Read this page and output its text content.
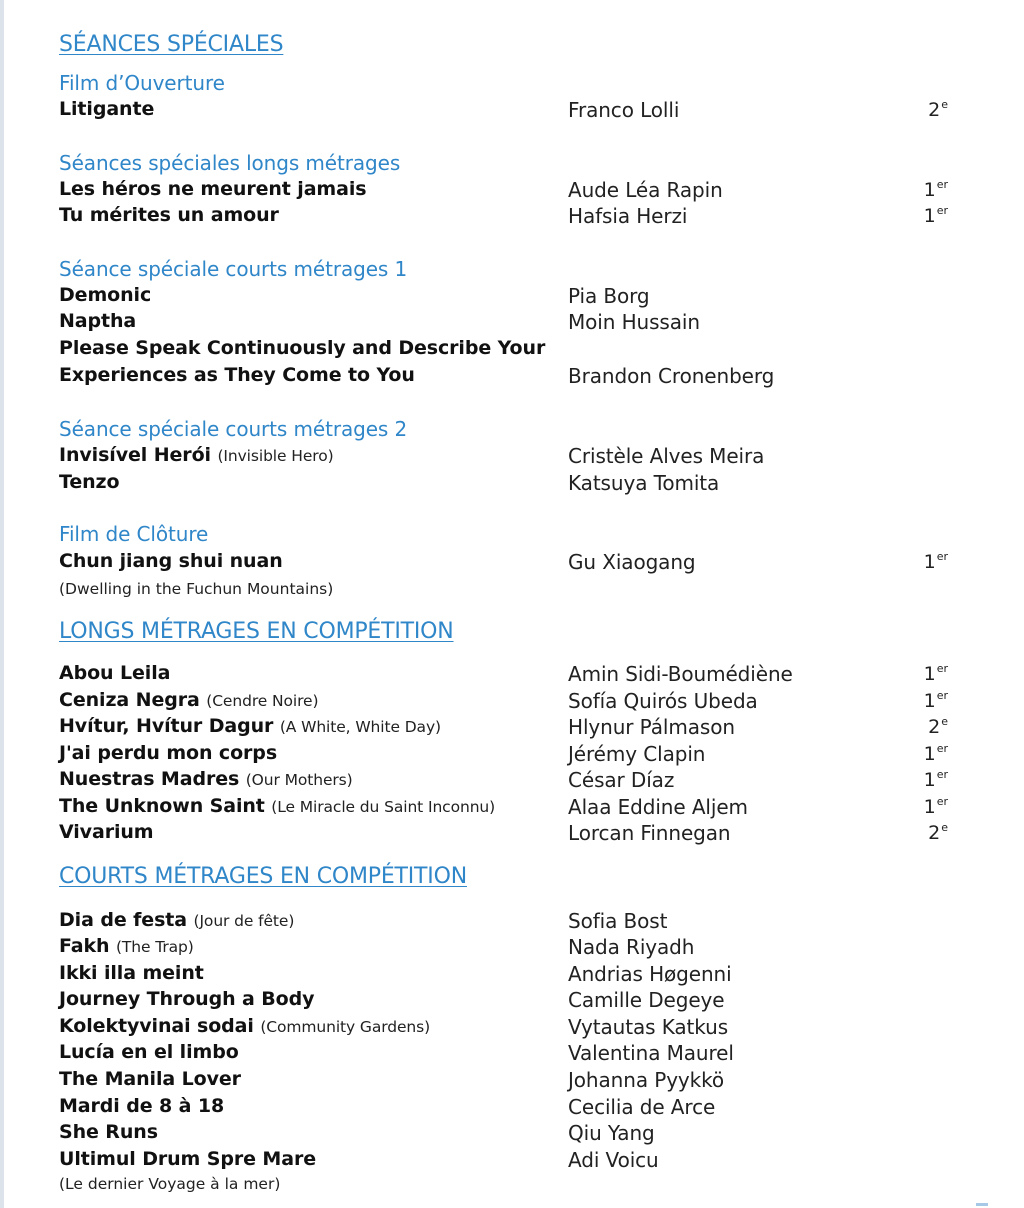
SÉANCES SPÉCIALES
Film d’Ouverture
Litigante	Franco Lolli	2e
Séances spéciales longs métrages
Les héros ne meurent jamais	Aude Léa Rapin	1er
Tu mérites un amour	Hafsia Herzi	1er
Séance spéciale courts métrages 1
Demonic	Pia Borg
Naptha	Moin Hussain
Please Speak Continuously and Describe Your
Experiences as They Come to You	Brandon Cronenberg
Séance spéciale courts métrages 2
Invisível Herói (Invisible Hero)	Cristèle Alves Meira
Tenzo	Katsuya Tomita
Film de Clôture
Chun jiang shui nuan	Gu Xiaogang	1er
(Dwelling in the Fuchun Mountains)
LONGS MÉTRAGES EN COMPÉTITION
Abou Leila	Amin Sidi-Boumédiène	1er
Ceniza Negra (Cendre Noire)	Sofía Quirós Ubeda	1er
Hvítur, Hvítur Dagur (A White, White Day)	Hlynur Pálmason	2e
J'ai perdu mon corps	Jérémy Clapin	1er
Nuestras Madres (Our Mothers)	César Díaz	1er
The Unknown Saint (Le Miracle du Saint Inconnu)	Alaa Eddine Aljem	1er
Vivarium	Lorcan Finnegan	2e
COURTS MÉTRAGES EN COMPÉTITION
Dia de festa (Jour de fête)	Sofia Bost
Fakh (The Trap)	Nada Riyadh
Ikki illa meint	Andrias Høgenni
Journey Through a Body	Camille Degeye
Kolektyvinai sodai (Community Gardens)	Vytautas Katkus
Lucía en el limbo	Valentina Maurel
The Manila Lover	Johanna Pyykkö
Mardi de 8 à 18	Cecilia de Arce
She Runs	Qiu Yang
Ultimul Drum Spre Mare	Adi Voicu
(Le dernier Voyage à la mer)
